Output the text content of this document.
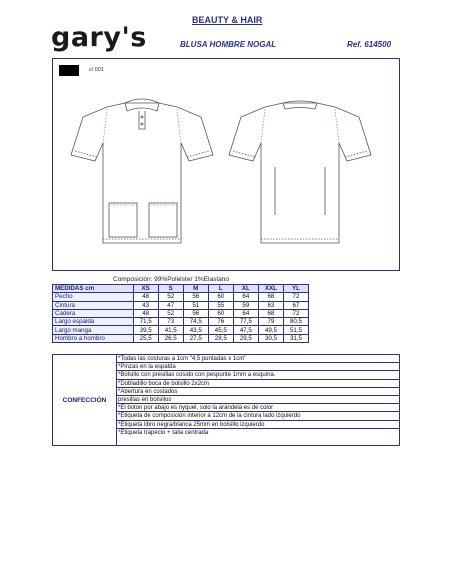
gary's
BEAUTY & HAIR
BLUSA HOMBRE NOGAL	Ref. 614500
c/ 001
Composición: 99%Poliéster 1%Elastano
MEDIDAS cm	XS	S	M	L	XL	XXL	YL
Pecho	48	52	56	60	64	68	72
Cintura	43	47	51	55	59	63	67
Cadera	48	52	56	60	64	68	72
Largo espalda	71,5	73	74,5	76	77,5	79	80,5
Largo manga	39,5	41,5	43,5	45,5	47,5	49,5	51,5
Hombro a hombro	25,5	26,5	27,5	28,5	29,5	30,5	31,5
CONFECCIÓN
*Todas las costuras a 1cm "4,5 puntadas x 1cm"
*Pinzas en la espalda
*Bolsillo con presillas cosido con pespunte 1mm a esquina.
*Dobladillo boca de bolsillo 2x2cm
*Abertura en costados
presillas en bolsillos
*El boton por abajo es nyquel, solo la arandela es de color
*Etiqueta de composición interior a 12cm de la cintura lado izquierdo
*Etiqueta libro negra/blanca 25mm en bolsillo izquierdo
*Etiqueta trapecio + talla centrada
